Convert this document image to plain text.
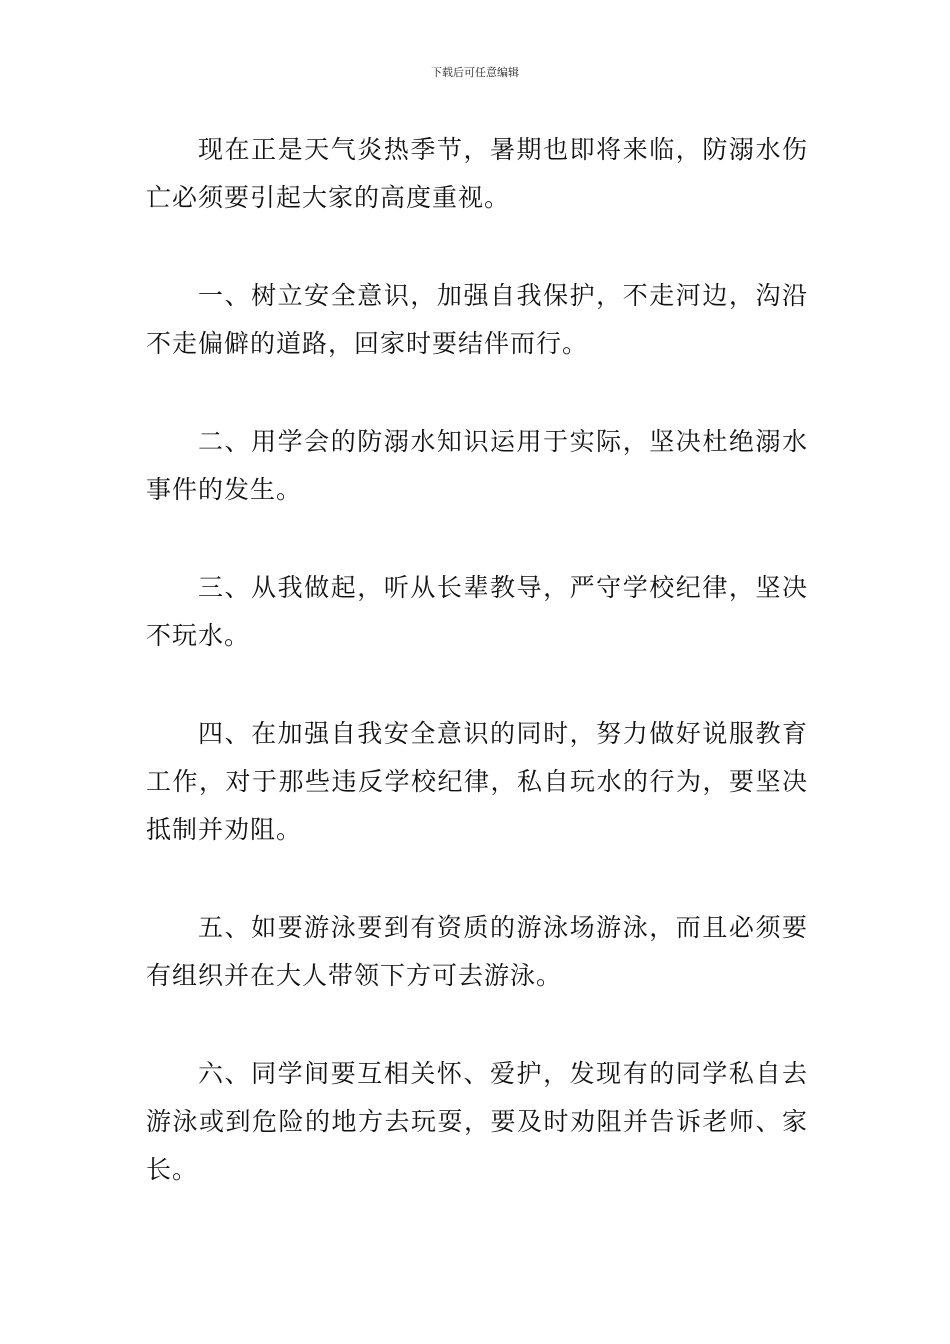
下载后可任意编辑

现在正是天气炎热季节，暑期也即将来临，防溺水伤亡必须要引起大家的高度重视。

一、树立安全意识，加强自我保护，不走河边，沟沿不走偏僻的道路，回家时要结伴而行。

二、用学会的防溺水知识运用于实际，坚决杜绝溺水事件的发生。

三、从我做起，听从长辈教导，严守学校纪律，坚决不玩水。

四、在加强自我安全意识的同时，努力做好说服教育工作，对于那些违反学校纪律，私自玩水的行为，要坚决抵制并劝阻。

五、如要游泳要到有资质的游泳场游泳，而且必须要有组织并在大人带领下方可去游泳。

六、同学间要互相关怀、爱护，发现有的同学私自去游泳或到危险的地方去玩耍，要及时劝阻并告诉老师、家长。
